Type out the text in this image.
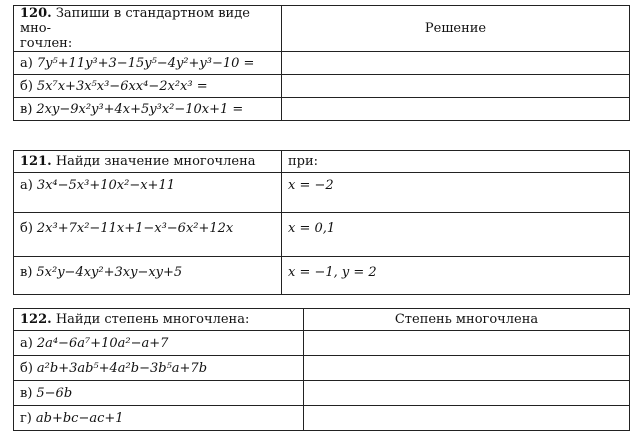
120. Запиши в стандартном виде мно-
гочлен:	Решение
а) 7y⁵+11y³+3−15y⁵−4y²+y³−10 =	
б) 5x⁷x+3x⁵x³−6xx⁴−2x²x³ =	
в) 2xy−9x²y³+4x+5y³x²−10x+1 =	
121. Найди значение многочлена	при:
а) 3x⁴−5x³+10x²−x+11	x = −2
б) 2x³+7x²−11x+1−x³−6x²+12x	x = 0,1
в) 5x²y−4xy²+3xy−xy+5	x = −1, y = 2
122. Найди степень многочлена:	Степень многочлена
а) 2a⁴−6a⁷+10a²−a+7	
б) a²b+3ab⁵+4a²b−3b⁵a+7b	
в) 5−6b	
г) ab+bc−ac+1	
